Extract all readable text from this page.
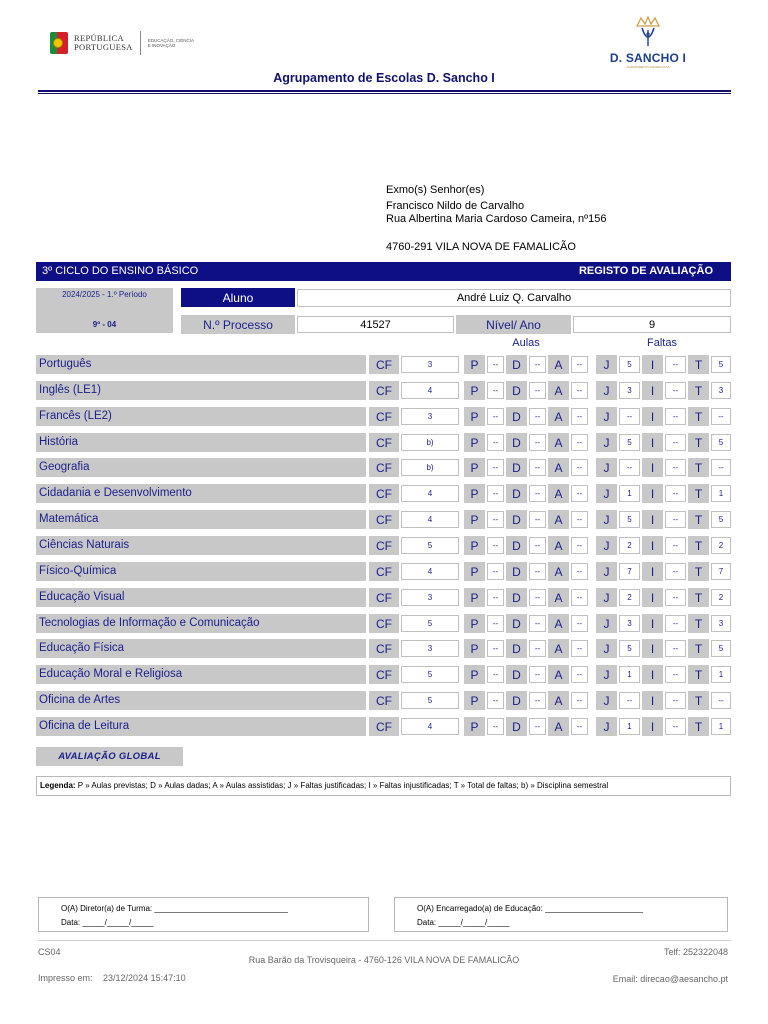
REPÚBLICA
PORTUGUESA
EDUCAÇÃO, CIÊNCIA
E INOVAÇÃO
D. SANCHO I
AGRUPAMENTO DE ESCOLAS
Agrupamento de Escolas D. Sancho I
Exmo(s) Senhor(es)
Francisco Nildo de Carvalho
Rua Albertina Maria Cardoso Cameira, nº156
4760-291 VILA NOVA DE FAMALICÃO
3º CICLO DO ENSINO BÁSICO	REGISTO DE AVALIAÇÃO
2024/2025 - 1.º Período
9º - 04
Aluno	André Luiz Q. Carvalho
N.º Processo	41527	Nível/ Ano	9
Aulas	Faltas
Português	CF	3	P	--	D	--	A	--	J	5	I	--	T	5
Inglês (LE1)	CF	4	P	--	D	--	A	--	J	3	I	--	T	3
Francês (LE2)	CF	3	P	--	D	--	A	--	J	--	I	--	T	--
História	CF	b)	P	--	D	--	A	--	J	5	I	--	T	5
Geografia	CF	b)	P	--	D	--	A	--	J	--	I	--	T	--
Cidadania e Desenvolvimento	CF	4	P	--	D	--	A	--	J	1	I	--	T	1
Matemática	CF	4	P	--	D	--	A	--	J	5	I	--	T	5
Ciências Naturais	CF	5	P	--	D	--	A	--	J	2	I	--	T	2
Físico-Química	CF	4	P	--	D	--	A	--	J	7	I	--	T	7
Educação Visual	CF	3	P	--	D	--	A	--	J	2	I	--	T	2
Tecnologias de Informação e Comunicação	CF	5	P	--	D	--	A	--	J	3	I	--	T	3
Educação Física	CF	3	P	--	D	--	A	--	J	5	I	--	T	5
Educação Moral e Religiosa	CF	5	P	--	D	--	A	--	J	1	I	--	T	1
Oficina de Artes	CF	5	P	--	D	--	A	--	J	--	I	--	T	--
Oficina de Leitura	CF	4	P	--	D	--	A	--	J	1	I	--	T	1
AVALIAÇÃO GLOBAL
Legenda: P » Aulas previstas; D » Aulas dadas; A » Aulas assistidas; J » Faltas justificadas; I » Faltas injustificadas; T » Total de faltas; b) » Disciplina semestral
O(A) Diretor(a) de Turma: ______________________________
Data: _____/_____/_____
O(A) Encarregado(a) de Educação: ______________________
Data: _____/_____/_____
CS04	Telf: 252322048
Rua Barão da Trovisqueira - 4760-126 VILA NOVA DE FAMALICÃO
Impresso em: 23/12/2024 15:47:10	Email: direcao@aesancho.pt
